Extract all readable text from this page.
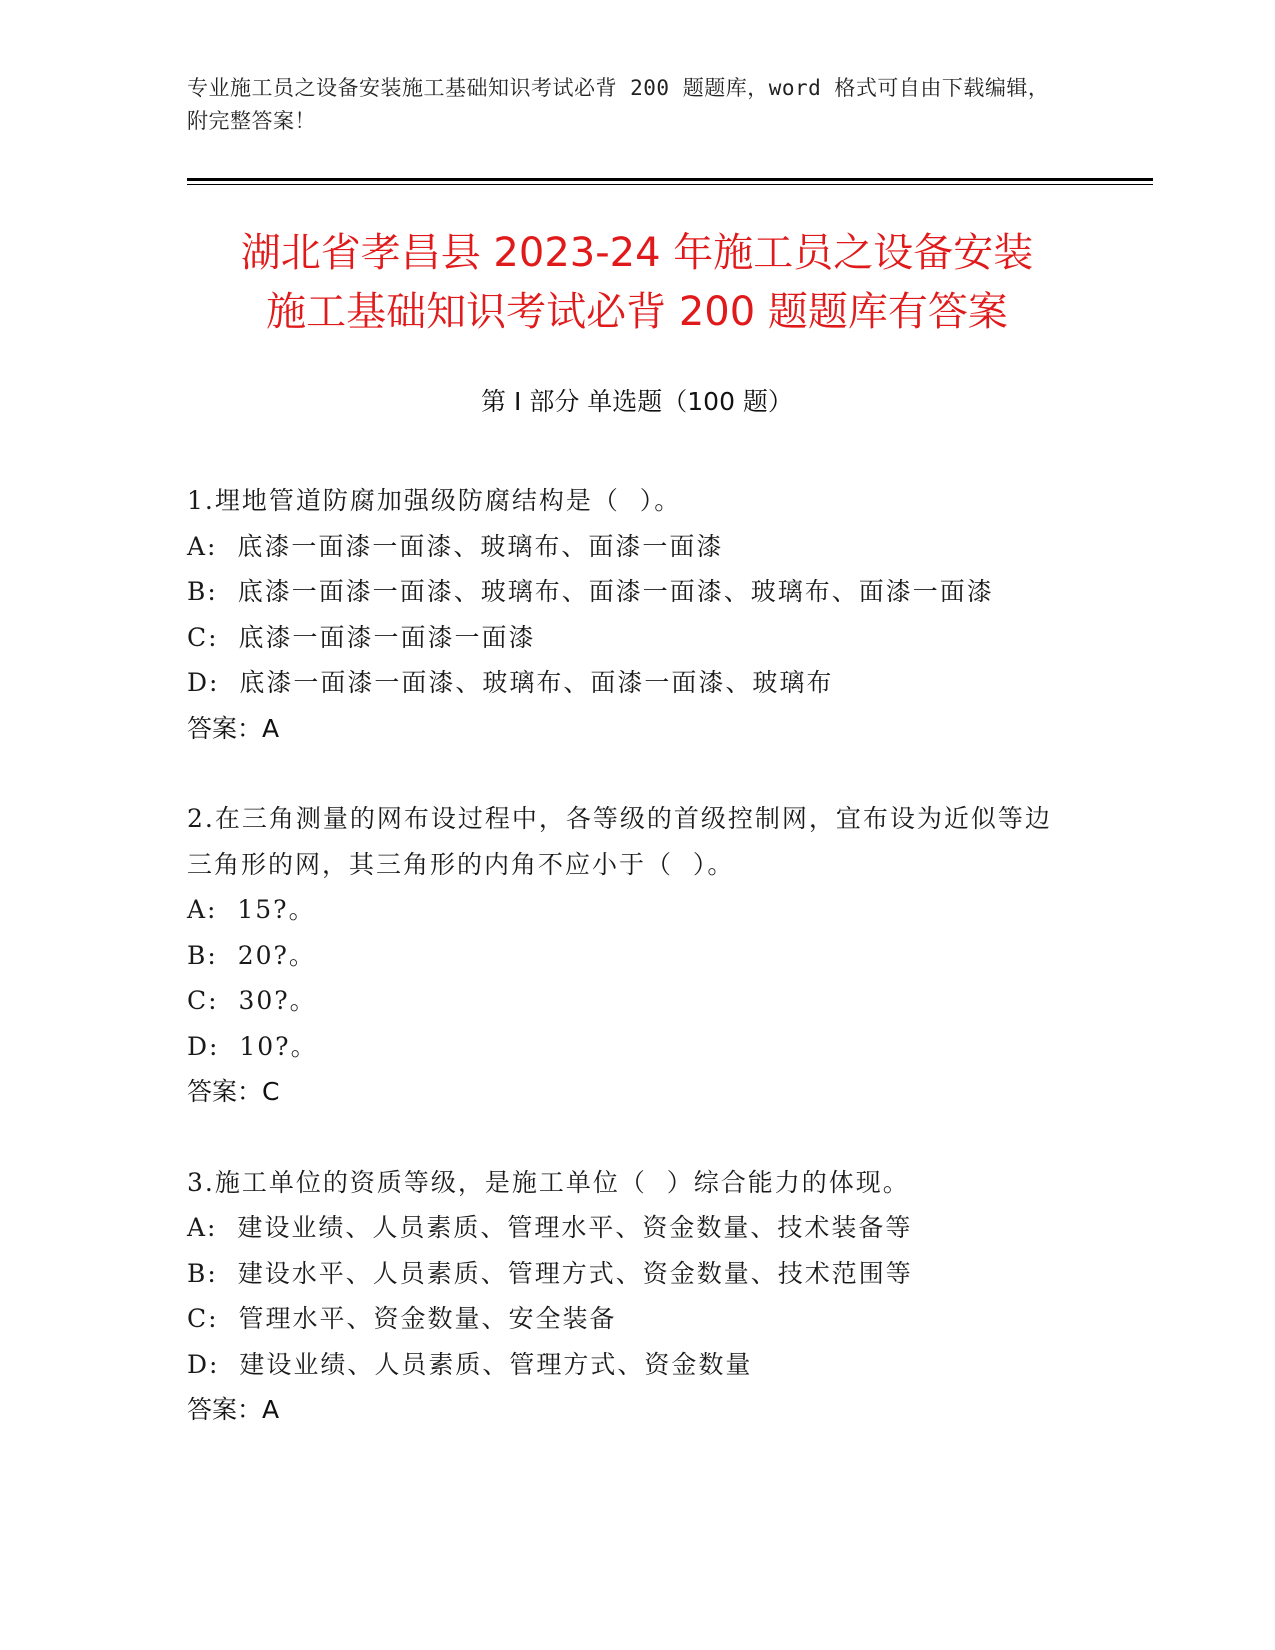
专业施工员之设备安装施工基础知识考试必背 200 题题库，word 格式可自由下载编辑，附完整答案！
湖北省孝昌县 2023-24 年施工员之设备安装
施工基础知识考试必背 200 题题库有答案
第 I 部分 单选题（100 题）
1.埋地管道防腐加强级防腐结构是（  ）。
A:  底漆一面漆一面漆、玻璃布、面漆一面漆
B:  底漆一面漆一面漆、玻璃布、面漆一面漆、玻璃布、面漆一面漆
C:  底漆一面漆一面漆一面漆
D:  底漆一面漆一面漆、玻璃布、面漆一面漆、玻璃布
答案：A
2.在三角测量的网布设过程中，各等级的首级控制网，宜布设为近似等边三角形的网，其三角形的内角不应小于（  ）。
A:  15?。
B:  20?。
C:  30?。
D:  10?。
答案：C
3.施工单位的资质等级，是施工单位（  ）综合能力的体现。
A:  建设业绩、人员素质、管理水平、资金数量、技术装备等
B:  建设水平、人员素质、管理方式、资金数量、技术范围等
C:  管理水平、资金数量、安全装备
D:  建设业绩、人员素质、管理方式、资金数量
答案：A
